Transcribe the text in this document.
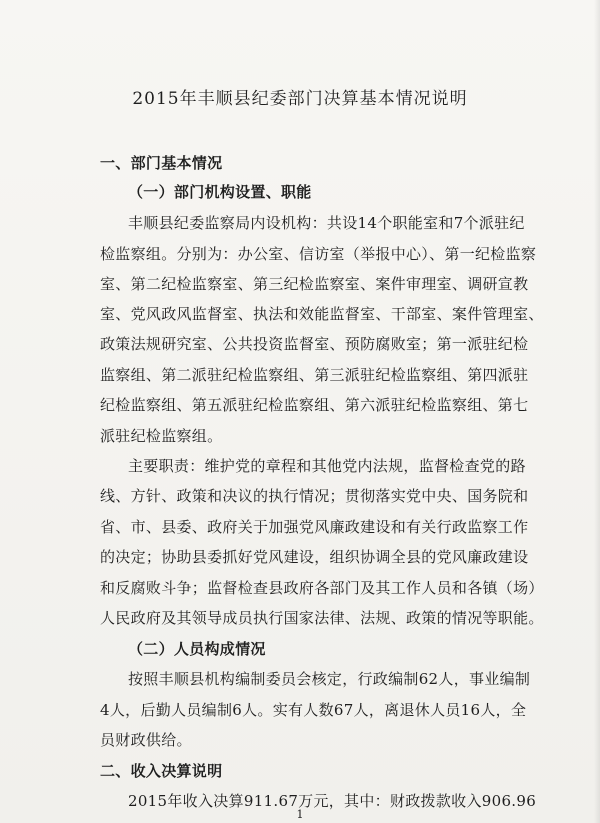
2015年丰顺县纪委部门决算基本情况说明
一、部门基本情况
（一）部门机构设置、职能
丰顺县纪委监察局内设机构：共设14个职能室和7个派驻纪
检监察组。分别为：办公室、信访室（举报中心）、第一纪检监察
室、第二纪检监察室、第三纪检监察室、案件审理室、调研宣教
室、党风政风监督室、执法和效能监督室、干部室、案件管理室、
政策法规研究室、公共投资监督室、预防腐败室；第一派驻纪检
监察组、第二派驻纪检监察组、第三派驻纪检监察组、第四派驻
纪检监察组、第五派驻纪检监察组、第六派驻纪检监察组、第七
派驻纪检监察组。
主要职责：维护党的章程和其他党内法规，监督检查党的路
线、方针、政策和决议的执行情况；贯彻落实党中央、国务院和
省、市、县委、政府关于加强党风廉政建设和有关行政监察工作
的决定；协助县委抓好党风建设，组织协调全县的党风廉政建设
和反腐败斗争；监督检查县政府各部门及其工作人员和各镇（场）
人民政府及其领导成员执行国家法律、法规、政策的情况等职能。
（二）人员构成情况
按照丰顺县机构编制委员会核定，行政编制62人，事业编制
4人，后勤人员编制6人。实有人数67人，离退休人员16人，全
员财政供给。
二、收入决算说明
2015年收入决算911.67万元，其中：财政拨款收入906.96
1
